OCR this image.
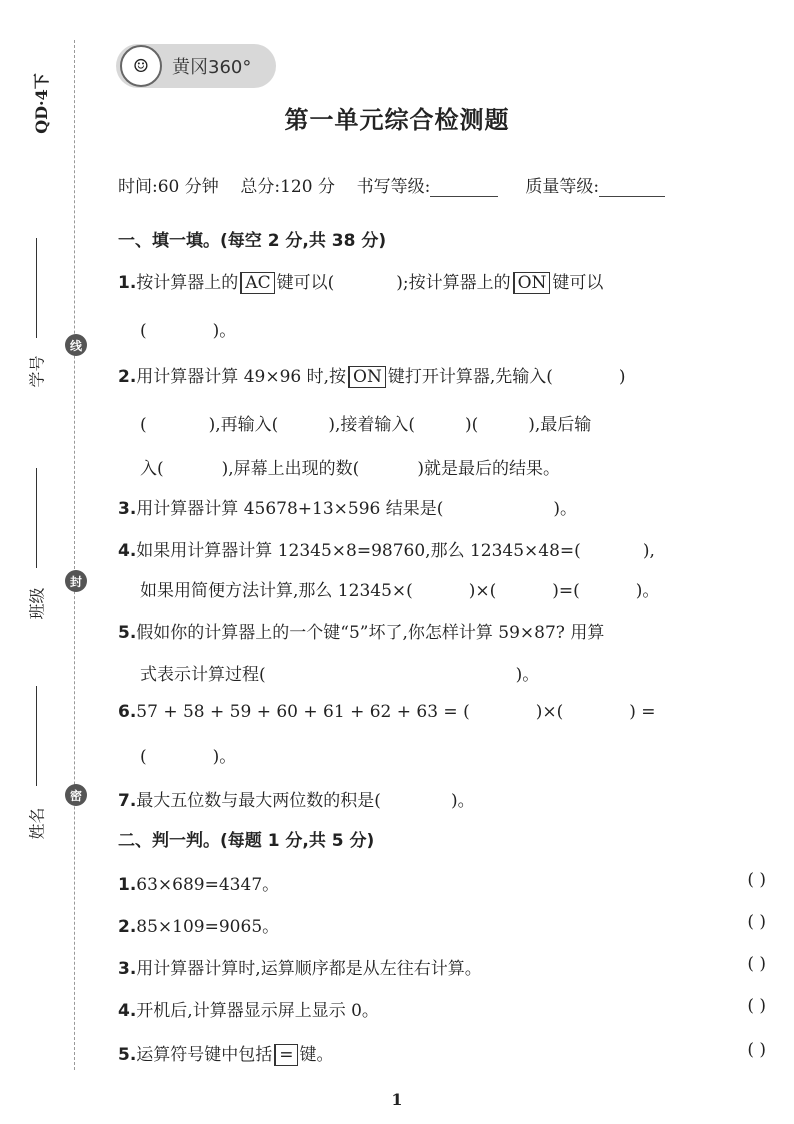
QD·4下
学号
线
班级
封
姓名
密
☺	黄冈360°
第一单元综合检测题
时间:60 分钟 总分:120 分 书写等级:	质量等级:
一、填一填。(每空 2 分,共 38 分)
1.按计算器上的 AC 键可以(	);按计算器上的 ON 键可以
(	)。
2.用计算器计算 49×96 时,按 ON 键打开计算器,先输入(	)
(	),再输入(	),接着输入(	)(	),最后输
入(	),屏幕上出现的数(	)就是最后的结果。
3.用计算器计算 45678+13×596 结果是(	)。
4.如果用计算器计算 12345×8=98760,那么 12345×48=(	),
如果用简便方法计算,那么 12345×(	)×(	)=(	)。
5.假如你的计算器上的一个键“5”坏了,你怎样计算 59×87? 用算
式表示计算过程(	)。
6.57 + 58 + 59 + 60 + 61 + 62 + 63 = (	)×(	) =
(	)。
7.最大五位数与最大两位数的积是(	)。
二、判一判。(每题 1 分,共 5 分)
1.63×689=4347。	( )
2.85×109=9065。	( )
3.用计算器计算时,运算顺序都是从左往右计算。	( )
4.开机后,计算器显示屏上显示 0。	( )
5.运算符号键中包括 = 键。	( )
1
